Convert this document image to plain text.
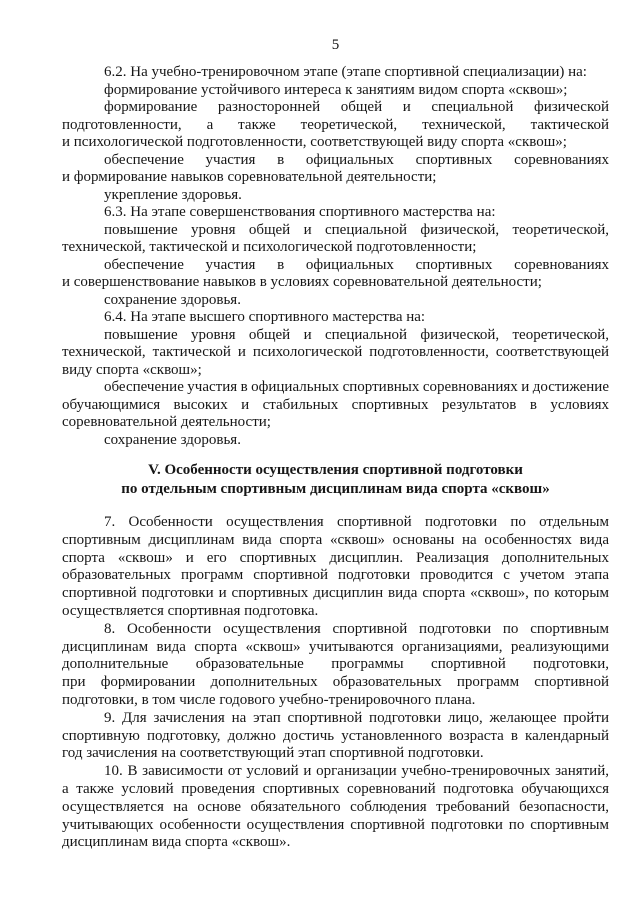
5
6.2. На учебно-тренировочном этапе (этапе спортивной специализации) на:
формирование устойчивого интереса к занятиям видом спорта «сквош»;
формирование разносторонней общей и специальной физической
подготовленности, а также теоретической, технической, тактической
и психологической подготовленности, соответствующей виду спорта «сквош»;
обеспечение участия в официальных спортивных соревнованиях
и формирование навыков соревновательной деятельности;
укрепление здоровья.
6.3. На этапе совершенствования спортивного мастерства на:
повышение уровня общей и специальной физической, теоретической,
технической, тактической и психологической подготовленности;
обеспечение участия в официальных спортивных соревнованиях
и совершенствование навыков в условиях соревновательной деятельности;
сохранение здоровья.
6.4. На этапе высшего спортивного мастерства на:
повышение уровня общей и специальной физической, теоретической,
технической, тактической и психологической подготовленности, соответствующей
виду спорта «сквош»;
обеспечение участия в официальных спортивных соревнованиях и достижение
обучающимися высоких и стабильных спортивных результатов в условиях
соревновательной деятельности;
сохранение здоровья.
V. Особенности осуществления спортивной подготовки
по отдельным спортивным дисциплинам вида спорта «сквош»
7. Особенности осуществления спортивной подготовки по отдельным
спортивным дисциплинам вида спорта «сквош» основаны на особенностях вида
спорта «сквош» и его спортивных дисциплин. Реализация дополнительных
образовательных программ спортивной подготовки проводится с учетом этапа
спортивной подготовки и спортивных дисциплин вида спорта «сквош», по которым
осуществляется спортивная подготовка.
8. Особенности осуществления спортивной подготовки по спортивным
дисциплинам вида спорта «сквош» учитываются организациями, реализующими
дополнительные образовательные программы спортивной подготовки,
при формировании дополнительных образовательных программ спортивной
подготовки, в том числе годового учебно-тренировочного плана.
9. Для зачисления на этап спортивной подготовки лицо, желающее пройти
спортивную подготовку, должно достичь установленного возраста в календарный
год зачисления на соответствующий этап спортивной подготовки.
10. В зависимости от условий и организации учебно-тренировочных занятий,
а также условий проведения спортивных соревнований подготовка обучающихся
осуществляется на основе обязательного соблюдения требований безопасности,
учитывающих особенности осуществления спортивной подготовки по спортивным
дисциплинам вида спорта «сквош».
